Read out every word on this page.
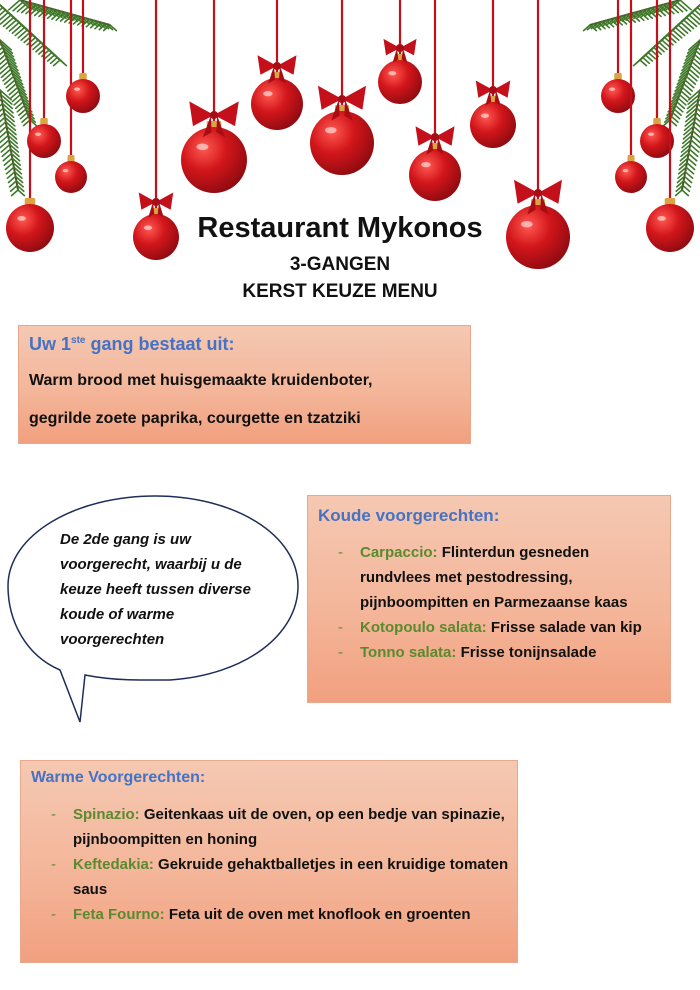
Restaurant Mykonos
3-GANGEN
KERST KEUZE MENU
Uw 1ste gang bestaat uit:
Warm brood met huisgemaakte kruidenboter,
gegrilde zoete paprika, courgette en tzatziki
De 2de gang is uw voorgerecht, waarbij u de keuze heeft tussen diverse koude of warme voorgerechten
Koude voorgerechten:
- Carpaccio: Flinterdun gesneden rundvlees met pestodressing, pijnboompitten en Parmezaanse kaas
- Kotopoulo salata: Frisse salade van kip
- Tonno salata: Frisse tonijnsalade
Warme Voorgerechten:
- Spinazio: Geitenkaas uit de oven, op een bedje van spinazie, pijnboompitten en honing
- Keftedakia: Gekruide gehaktballetjes in een kruidige tomaten saus
- Feta Fourno: Feta uit de oven met knoflook en groenten
